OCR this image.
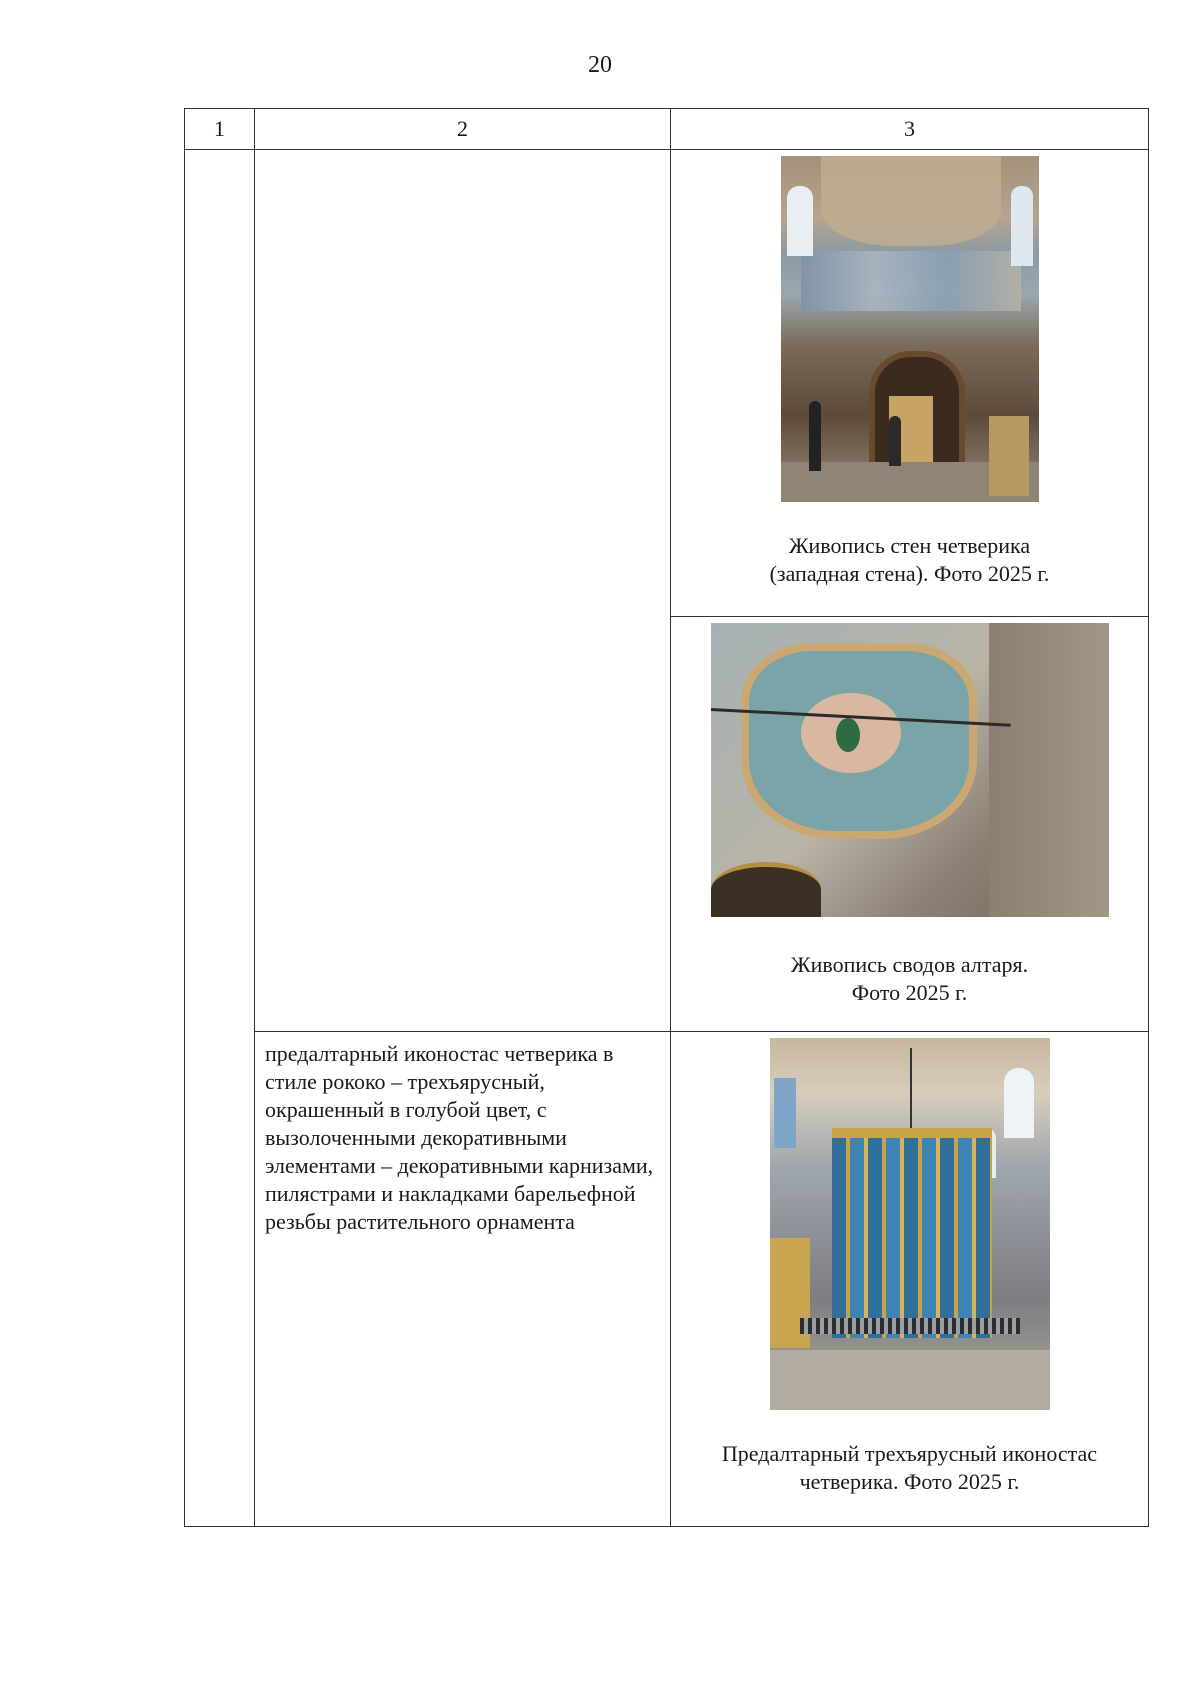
20
1	2	3

		Живопись стен четверика
(западная стена). Фото 2025 г.

		Живопись сводов алтаря.
Фото 2025 г.

	предалтарный иконостас четверика в стиле рококо – трехъярусный, окрашенный в голубой цвет, с вызолоченными декоративными элементами – декоративными карнизами, пилястрами и накладками барельефной резьбы растительного орнамента	Предалтарный трехъярусный иконостас
четверика. Фото 2025 г.
